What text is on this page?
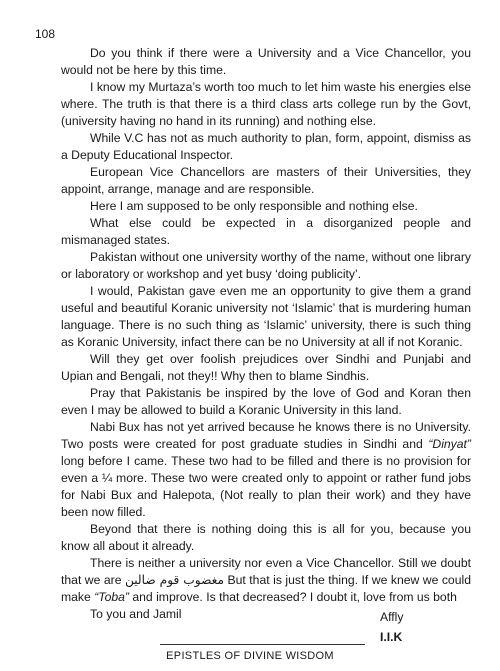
108

Do you think if there were a University and a Vice Chancellor, you would not be here by this time.

I know my Murtaza’s worth too much to let him waste his energies else where. The truth is that there is a third class arts college run by the Govt, (university having no hand in its running) and nothing else.

While V.C has not as much authority to plan, form, appoint, dismiss as a Deputy Educational Inspector.

European Vice Chancellors are masters of their Universities, they appoint, arrange, manage and are responsible.

Here I am supposed to be only responsible and nothing else.

What else could be expected in a disorganized people and mismanaged states.

Pakistan without one university worthy of the name, without one library or laboratory or workshop and yet busy ‘doing publicity’.

I would, Pakistan gave even me an opportunity to give them a grand useful and beautiful Koranic university not ‘Islamic’ that is murdering human language. There is no such thing as ‘Islamic’ university, there is such thing as Koranic University, infact there can be no University at all if not Koranic.

Will they get over foolish prejudices over Sindhi and Punjabi and Upian and Bengali, not they!! Why then to blame Sindhis.

Pray that Pakistanis be inspired by the love of God and Koran then even I may be allowed to build a Koranic University in this land.

Nabi Bux has not yet arrived because he knows there is no University. Two posts were created for post graduate studies in Sindhi and “Dinyat” long before I came. These two had to be filled and there is no provision for even a ¼ more. These two were created only to appoint or rather fund jobs for Nabi Bux and Halepota, (Not really to plan their work) and they have been now filled.

Beyond that there is nothing doing this is all for you, because you know all about it already.

There is neither a university nor even a Vice Chancellor. Still we doubt that we are مغضوب قوم ضالین But that is just the thing. If we knew we could make “Toba” and improve. Is that decreased? I doubt it, love from us both

To you and Jamil	Affly
I.I.K
EPISTLES OF DIVINE WISDOM
